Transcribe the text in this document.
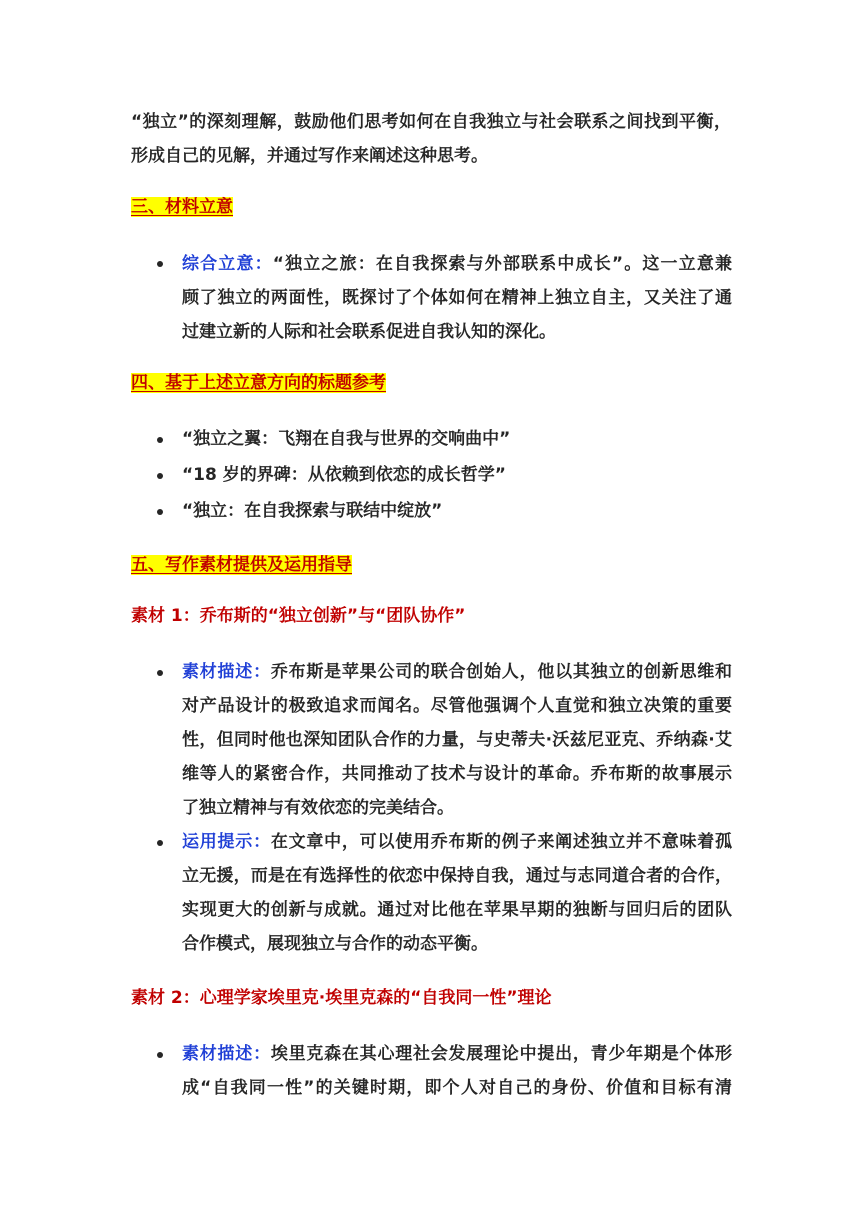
“独立”的深刻理解，鼓励他们思考如何在自我独立与社会联系之间找到平衡，
形成自己的见解，并通过写作来阐述这种思考。
三、材料立意
综合立意：“独立之旅：在自我探索与外部联系中成长”。这一立意兼
顾了独立的两面性，既探讨了个体如何在精神上独立自主，又关注了通
过建立新的人际和社会联系促进自我认知的深化。
四、基于上述立意方向的标题参考
“独立之翼：飞翔在自我与世界的交响曲中”
“18 岁的界碑：从依赖到依恋的成长哲学”
“独立：在自我探索与联结中绽放”
五、写作素材提供及运用指导
素材 1：乔布斯的“独立创新”与“团队协作”
素材描述：乔布斯是苹果公司的联合创始人，他以其独立的创新思维和
对产品设计的极致追求而闻名。尽管他强调个人直觉和独立决策的重要
性，但同时他也深知团队合作的力量，与史蒂夫·沃兹尼亚克、乔纳森·艾
维等人的紧密合作，共同推动了技术与设计的革命。乔布斯的故事展示
了独立精神与有效依恋的完美结合。
运用提示：在文章中，可以使用乔布斯的例子来阐述独立并不意味着孤
立无援，而是在有选择性的依恋中保持自我，通过与志同道合者的合作，
实现更大的创新与成就。通过对比他在苹果早期的独断与回归后的团队
合作模式，展现独立与合作的动态平衡。
素材 2：心理学家埃里克·埃里克森的“自我同一性”理论
素材描述：埃里克森在其心理社会发展理论中提出，青少年期是个体形
成“自我同一性”的关键时期，即个人对自己的身份、价值和目标有清
